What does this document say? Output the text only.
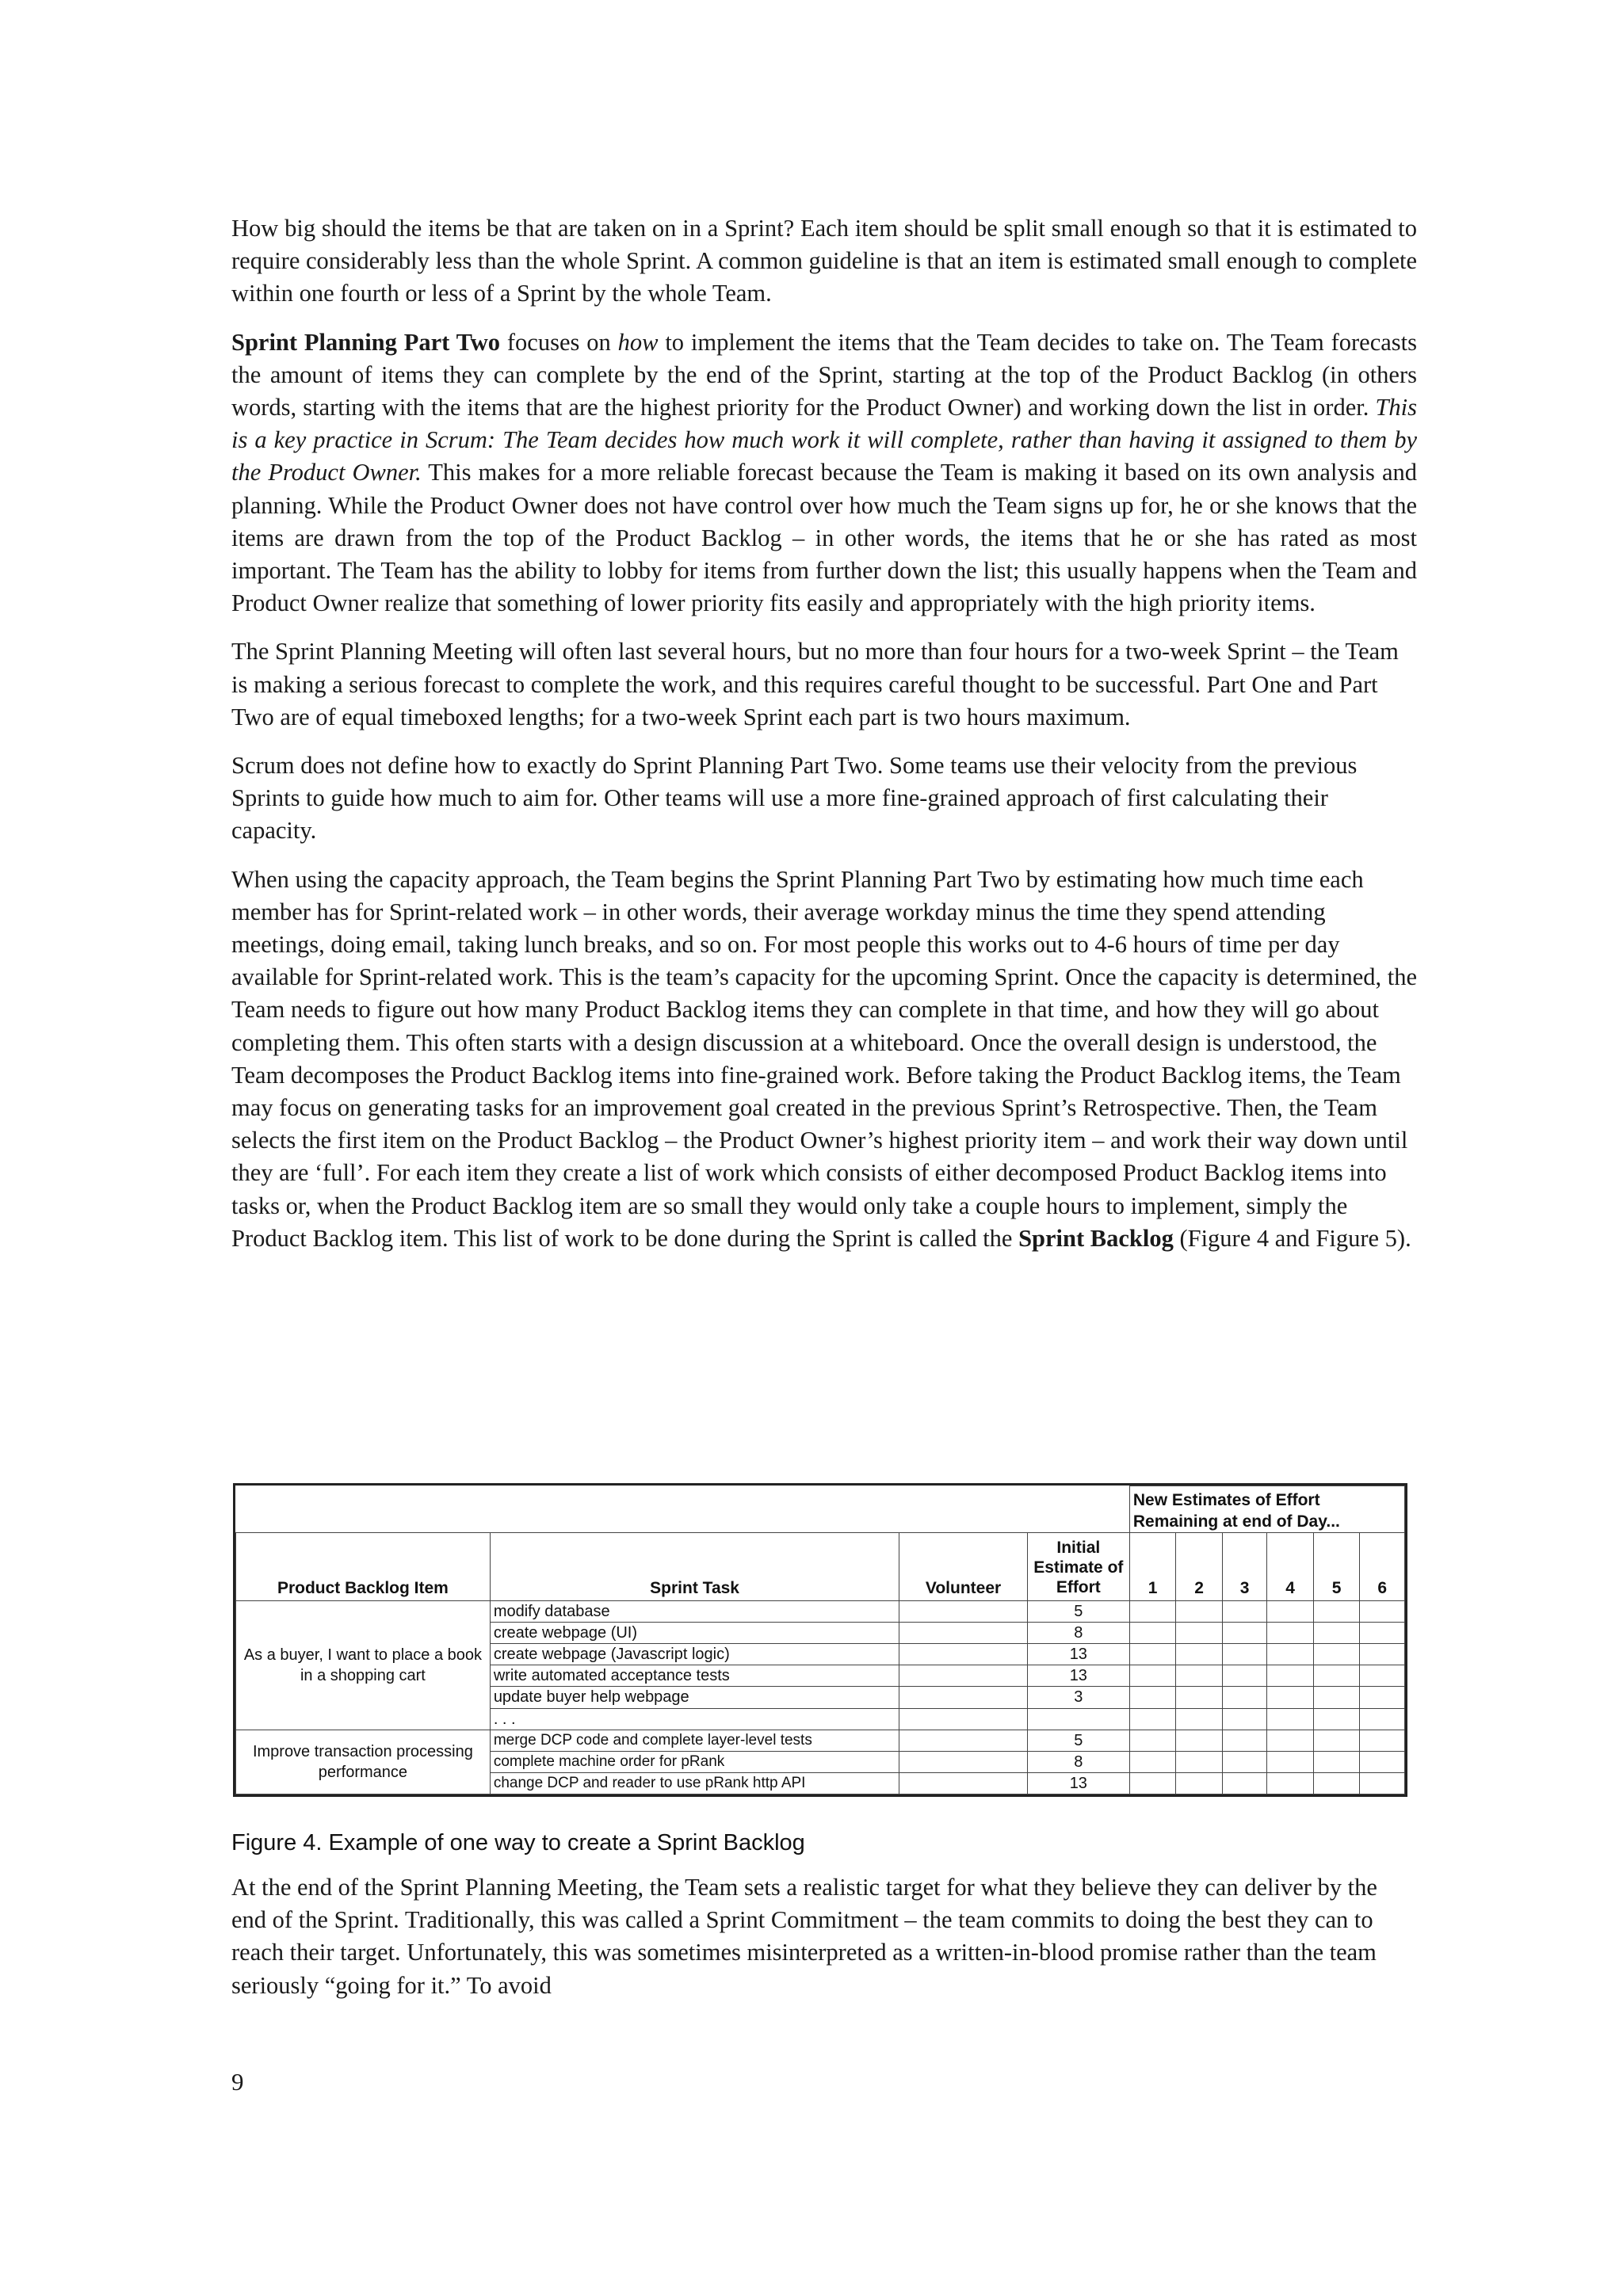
How big should the items be that are taken on in a Sprint? Each item should be split small enough so that it is estimated to require considerably less than the whole Sprint. A common guideline is that an item is estimated small enough to complete within one fourth or less of a Sprint by the whole Team.

Sprint Planning Part Two focuses on how to implement the items that the Team decides to take on. The Team forecasts the amount of items they can complete by the end of the Sprint, starting at the top of the Product Backlog (in others words, starting with the items that are the highest priority for the Product Owner) and working down the list in order. This is a key practice in Scrum: The Team decides how much work it will complete, rather than having it assigned to them by the Product Owner. This makes for a more reliable forecast because the Team is making it based on its own analysis and planning. While the Product Owner does not have control over how much the Team signs up for, he or she knows that the items are drawn from the top of the Product Backlog – in other words, the items that he or she has rated as most important. The Team has the ability to lobby for items from further down the list; this usually happens when the Team and Product Owner realize that something of lower priority fits easily and appropriately with the high priority items.

The Sprint Planning Meeting will often last several hours, but no more than four hours for a two-week Sprint – the Team is making a serious forecast to complete the work, and this requires careful thought to be successful. Part One and Part Two are of equal timeboxed lengths; for a two-week Sprint each part is two hours maximum.

Scrum does not define how to exactly do Sprint Planning Part Two. Some teams use their velocity from the previous Sprints to guide how much to aim for. Other teams will use a more fine-grained approach of first calculating their capacity.

When using the capacity approach, the Team begins the Sprint Planning Part Two by estimating how much time each member has for Sprint-related work – in other words, their average workday minus the time they spend attending meetings, doing email, taking lunch breaks, and so on. For most people this works out to 4-6 hours of time per day available for Sprint-related work. This is the team’s capacity for the upcoming Sprint. Once the capacity is determined, the Team needs to figure out how many Product Backlog items they can complete in that time, and how they will go about completing them. This often starts with a design discussion at a whiteboard. Once the overall design is understood, the Team decomposes the Product Backlog items into fine-grained work. Before taking the Product Backlog items, the Team may focus on generating tasks for an improvement goal created in the previous Sprint’s Retrospective. Then, the Team selects the first item on the Product Backlog – the Product Owner’s highest priority item – and work their way down until they are ‘full’. For each item they create a list of work which consists of either decomposed Product Backlog items into tasks or, when the Product Backlog item are so small they would only take a couple hours to implement, simply the Product Backlog item. This list of work to be done during the Sprint is called the Sprint Backlog (Figure 4 and Figure 5).

				New Estimates of Effort Remaining at end of Day...					
Product Backlog Item	Sprint Task	Volunteer	Initial Estimate of Effort	1	2	3	4	5	6
As a buyer, I want to place a book in a shopping cart	modify database		5						
	create webpage (UI)		8						
	create webpage (Javascript logic)		13						
	write automated acceptance tests		13						
	update buyer help webpage		3						
	. . .								
Improve transaction processing performance	merge DCP code and complete layer-level tests		5						
	complete machine order for pRank		8						
	change DCP and reader to use pRank http API		13						
Figure 4. Example of one way to create a Sprint Backlog

At the end of the Sprint Planning Meeting, the Team sets a realistic target for what they believe they can deliver by the end of the Sprint. Traditionally, this was called a Sprint Commitment – the team commits to doing the best they can to reach their target. Unfortunately, this was sometimes misinterpreted as a written-in-blood promise rather than the team seriously “going for it.” To avoid

9
